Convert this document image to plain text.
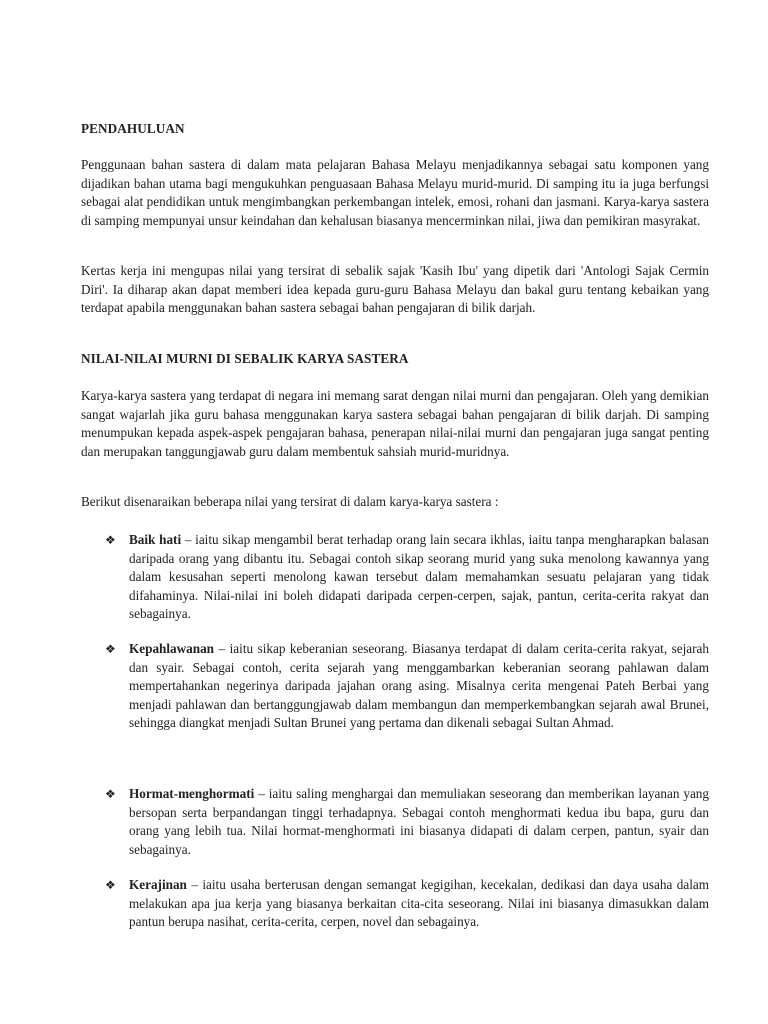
PENDAHULUAN

Penggunaan bahan sastera di dalam mata pelajaran Bahasa Melayu menjadikannya sebagai satu komponen yang dijadikan bahan utama bagi mengukuhkan penguasaan Bahasa Melayu murid-murid. Di samping itu ia juga berfungsi sebagai alat pendidikan untuk mengimbangkan perkembangan intelek, emosi, rohani dan jasmani. Karya-karya sastera di samping mempunyai unsur keindahan dan kehalusan biasanya mencerminkan nilai, jiwa dan pemikiran masyrakat.

Kertas kerja ini mengupas nilai yang tersirat di sebalik sajak 'Kasih Ibu' yang dipetik dari 'Antologi Sajak Cermin Diri'. Ia diharap akan dapat memberi idea kepada guru-guru Bahasa Melayu dan bakal guru tentang kebaikan yang terdapat apabila menggunakan bahan sastera sebagai bahan pengajaran di bilik darjah.

NILAI-NILAI MURNI DI SEBALIK KARYA SASTERA

Karya-karya sastera yang terdapat di negara ini memang sarat dengan nilai murni dan pengajaran. Oleh yang demikian sangat wajarlah jika guru bahasa menggunakan karya sastera sebagai bahan pengajaran di bilik darjah. Di samping menumpukan kepada aspek-aspek pengajaran bahasa, penerapan nilai-nilai murni dan pengajaran juga sangat penting dan merupakan tanggungjawab guru dalam membentuk sahsiah murid-muridnya.

Berikut disenaraikan beberapa nilai yang tersirat di dalam karya-karya sastera :

❖ Baik hati – iaitu sikap mengambil berat terhadap orang lain secara ikhlas, iaitu tanpa mengharapkan balasan daripada orang yang dibantu itu. Sebagai contoh sikap seorang murid yang suka menolong kawannya yang dalam kesusahan seperti menolong kawan tersebut dalam memahamkan sesuatu pelajaran yang tidak difahaminya. Nilai-nilai ini boleh didapati daripada cerpen-cerpen, sajak, pantun, cerita-cerita rakyat dan sebagainya.
❖ Kepahlawanan – iaitu sikap keberanian seseorang. Biasanya terdapat di dalam cerita-cerita rakyat, sejarah dan syair. Sebagai contoh, cerita sejarah yang menggambarkan keberanian seorang pahlawan dalam mempertahankan negerinya daripada jajahan orang asing. Misalnya cerita mengenai Pateh Berbai yang menjadi pahlawan dan bertanggungjawab dalam membangun dan memperkembangkan sejarah awal Brunei, sehingga diangkat menjadi Sultan Brunei yang pertama dan dikenali sebagai Sultan Ahmad.
❖ Hormat-menghormati – iaitu saling menghargai dan memuliakan seseorang dan memberikan layanan yang bersopan serta berpandangan tinggi terhadapnya. Sebagai contoh menghormati kedua ibu bapa, guru dan orang yang lebih tua. Nilai hormat-menghormati ini biasanya didapati di dalam cerpen, pantun, syair dan sebagainya.
❖ Kerajinan – iaitu usaha berterusan dengan semangat kegigihan, kecekalan, dedikasi dan daya usaha dalam melakukan apa jua kerja yang biasanya berkaitan cita-cita seseorang. Nilai ini biasanya dimasukkan dalam pantun berupa nasihat, cerita-cerita, cerpen, novel dan sebagainya.
